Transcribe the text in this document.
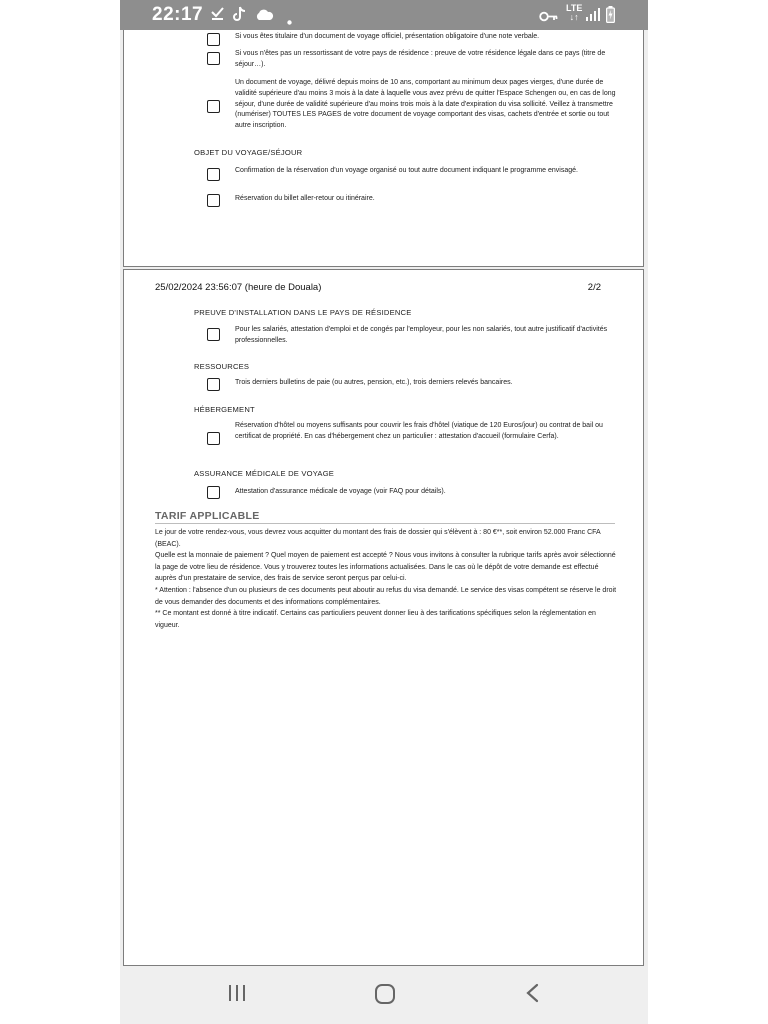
22:17	LTE
↓↑
Si vous êtes titulaire d'un document de voyage officiel, présentation obligatoire d'une note verbale.
Si vous n'êtes pas un ressortissant de votre pays de résidence : preuve de votre résidence légale dans ce pays (titre de séjour…).
Un document de voyage, délivré depuis moins de 10 ans, comportant au minimum deux pages vierges, d'une durée de validité supérieure d'au moins 3 mois à la date à laquelle vous avez prévu de quitter l'Espace Schengen ou, en cas de long séjour, d'une durée de validité supérieure d'au moins trois mois à la date d'expiration du visa sollicité. Veillez à transmettre (numériser) TOUTES LES PAGES de votre document de voyage comportant des visas, cachets d'entrée et sortie ou tout autre inscription.
OBJET DU VOYAGE/SÉJOUR
Confirmation de la réservation d'un voyage organisé ou tout autre document indiquant le programme envisagé.
Réservation du billet aller-retour ou itinéraire.
25/02/2024 23:56:07 (heure de Douala)	2/2
PREUVE D'INSTALLATION DANS LE PAYS DE RÉSIDENCE
Pour les salariés, attestation d'emploi et de congés par l'employeur, pour les non salariés, tout autre justificatif d'activités professionnelles.
RESSOURCES
Trois derniers bulletins de paie (ou autres, pension, etc.), trois derniers relevés bancaires.
HÉBERGEMENT
Réservation d'hôtel ou moyens suffisants pour couvrir les frais d'hôtel (viatique de 120 Euros/jour) ou contrat de bail ou certificat de propriété. En cas d'hébergement chez un particulier : attestation d'accueil (formulaire Cerfa).
ASSURANCE MÉDICALE DE VOYAGE
Attestation d'assurance médicale de voyage (voir FAQ pour détails).
TARIF APPLICABLE

Le jour de votre rendez-vous, vous devrez vous acquitter du montant des frais de dossier qui s'élèvent à : 80 €**, soit environ 52.000 Franc CFA (BEAC).

Quelle est la monnaie de paiement ? Quel moyen de paiement est accepté ? Nous vous invitons à consulter la rubrique tarifs après avoir sélectionné la page de votre lieu de résidence. Vous y trouverez toutes les informations actualisées. Dans le cas où le dépôt de votre demande est effectué auprès d'un prestataire de service, des frais de service seront perçus par celui-ci.

* Attention : l'absence d'un ou plusieurs de ces documents peut aboutir au refus du visa demandé. Le service des visas compétent se réserve le droit de vous demander des documents et des informations complémentaires.

** Ce montant est donné à titre indicatif. Certains cas particuliers peuvent donner lieu à des tarifications spécifiques selon la réglementation en vigueur.
